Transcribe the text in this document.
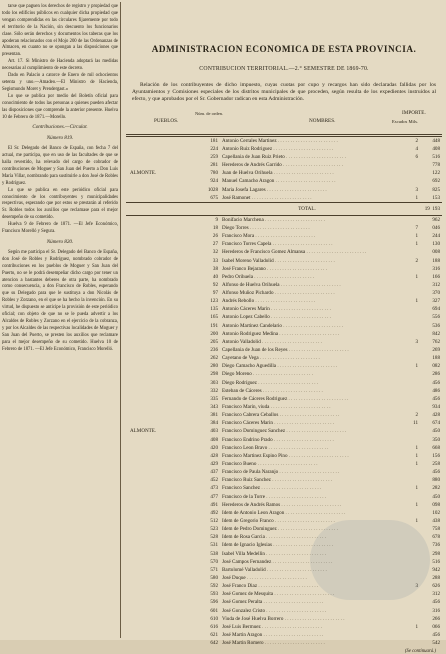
tarse que paguen los derechos de registro y propiedad que todo los edificios públicos en cualquier dicha propiedad que vengan comprendidas en las circulares fijaremente por todo el territorio de la Nación, sin descuento los funcionarios clase. Sólo serán derechos y documentos los taberas que los apoderan relacionados con el Mojo 200 de las Ordenanzas de Almacen, en cuanto no se opongan a las disposiciones que presentan.

Art. 17. Si Ministro de Hacienda adoptará las medidas necesarias al cumplimiento de este decreto.

Dado en Palacio a catorce de Enero de mil ochocientos setenta y uno.—Amadeo.—El Ministro de Hacienda, Segismundo Moret y Prendergast.»

Lo que se publica por medio del Boletín oficial para conocimiento de todos las personas a quienes pueden afectar las disposiciones que comprende la anterior presente. Huelva 10 de Febrero de 1871.—Morello.

Contribuciones.—Circular.

Número 819.

El Sr. Delegado del Banco de España, con fecha 7 del actual, me participa, que en uso de las facultades de que se halla revestido, ha relevado del cargo de cobrador de contribuciones de Moguer y San Juan del Puerto a Don Luis María Villar, nombrando para sustituirle a don José de Robles y Rodríguez.

Lo que se publica en este periódico oficial para conocimiento de los contribuyentes y municipalidades respectivas, esperando que por estos se prestarán al referido Sr. Robles todos los auxilios que reclamase para el mejor desempeño de su cometido.

Huelva 9 de Febrero de 1871. —El Jefe Económico, Francisco Morelló y Segura.

Número 820.

Según me participa el Sr. Delegado del Banco de España, don José de Robles y Rodríguez, nombrado cobrador de contribuciones en los pueblos de Moguer y San Juan del Puerto, no se le podrá desempeñar dicho cargo por tener un atencion a bastantes deberes de otra parte, ha nombrado como consecuencia, a don Francisco de Robles, esperando que su Delegado para que le sustituya a don Nicolás de Robles y Zorzano, en el que se ha hecho la invención. En su virtud, he dispuesto se anticipe la provisión de este periódico oficial; con objeto de que no se le pueda advertir a los Alcaldes de Robles y Zorzano en el ejercicio de la cobranza, y por los Alcaldes de las respectivas localidades de Moguer y San Juan del Puerto, se presten los auxilios que reclamare para el mejor desempeño de su cometido. Huelva 10 de Febrero de 1871. —El Jefe Económico, Francisco Morelló.

ADMINISTRACION ECONOMICA DE ESTA PROVINCIA.
CONTRIBUCION TERRITORIAL.—2.° SEMESTRE DE 1869-70.
Relación de los contribuyentes de dicho impuesto, cuyas cuotas por cupo y recargos han sido declaradas fallidas por los Ayuntamientos y Comisiones especiales de los distritos municipales de que proceden, según resulta de los expedientes instruidos al efecto, y que aprobados por el Sr. Gobernador radican en esta Administración.
PUEBLOS.
Núm. de orden.
NOMBRES.
IMPORTE.
Escudos Mils.
	181	Antonio Cerrales Martinez . . . . . . . . . . . . . . . . . . . . . . . .	2 448
	224	Antonio Ruiz Rodriguez . . . . . . . . . . . . . . . . . . . . . . . .	4 408
	259	Capellania de Juan Ruiz Prieto . . . . . . . . . . . . . . . . . . . . . . . .	6 516
	281	Herederos de Andrés Garrido . . . . . . . . . . . . . . . . . . . . . . . .	778
ALMONTE.	780	Juan de Huelva Orihuela . . . . . . . . . . . . . . . . . . . . . . . .	122
	924	Manuel Camacho Aragon . . . . . . . . . . . . . . . . . . . . . . . .	692
	1028	Maria Josefa Lagares . . . . . . . . . . . . . . . . . . . . . . . .	3 825
	675	José Ramonet . . . . . . . . . . . . . . . . . . . . . . . .	1 153
		TOTAL.	19 193
	9	Bonifacio Marchena . . . . . . . . . . . . . . . . . . . . . . . .	962
	18	Diego Torres . . . . . . . . . . . . . . . . . . . . . . . .	7 046
	26	Francisco Mora . . . . . . . . . . . . . . . . . . . . . . . .	1 244
	27	Francisco Torres Capela . . . . . . . . . . . . . . . . . . . . . . . .	1 130
	32	Herederos de Francisco Gomez Almansa . . . . . . . . . . . . . . . . . . . . . . . .	008
	33	Isabel Moreno Valladolid . . . . . . . . . . . . . . . . . . . . . . . .	2 188
	38	José Franco Bejarano . . . . . . . . . . . . . . . . . . . . . . . .	316
	40	Pedro Orihuela . . . . . . . . . . . . . . . . . . . . . . . .	1 166
	92	Alfonso de Huelva Orihuela . . . . . . . . . . . . . . . . . . . . . . . .	312
	97	Alfonso Muñoz Pichardo . . . . . . . . . . . . . . . . . . . . . . . .	370
	123	Andrés Rebollo . . . . . . . . . . . . . . . . . . . . . . . .	1 327
	135	Antonio Cáceres Marin . . . . . . . . . . . . . . . . . . . . . . . .	694
	165	Antonio Lopez Cabello . . . . . . . . . . . . . . . . . . . . . . . .	556
	191	Antonio Martinez Candelario . . . . . . . . . . . . . . . . . . . . . . . .	536
	200	Antonio Rodriguez Medina . . . . . . . . . . . . . . . . . . . . . . . .	842
	205	Antonio Valladolid . . . . . . . . . . . . . . . . . . . . . . . .	3 762
	236	Capellania de Juan de los Reyes . . . . . . . . . . . . . . . . . . . . . . . .	269
	262	Cayetano de Vega . . . . . . . . . . . . . . . . . . . . . . . .	188
	280	Diego Camacho Aguedilla . . . . . . . . . . . . . . . . . . . . . . . .	1 082
	298	Diego Moreno . . . . . . . . . . . . . . . . . . . . . . . .	286
	303	Diego Rodríguez . . . . . . . . . . . . . . . . . . . . . . . .	456
	332	Esteban de Cáceres . . . . . . . . . . . . . . . . . . . . . . . .	486
	335	Fernando de Cáceres Rodriguez . . . . . . . . . . . . . . . . . . . . . . . .	456
	343	Francisco Marin, viuda . . . . . . . . . . . . . . . . . . . . . . . .	934
	381	Francisco Cabrera Ceballos . . . . . . . . . . . . . . . . . . . . . . . .	2 428
	384	Francisco Cáceres Marin . . . . . . . . . . . . . . . . . . . . . . . .	11 674
ALMONTE.	403	Francisco Dominguez Sanchez . . . . . . . . . . . . . . . . . . . . . . . .	450
	408	Francisco Endrino Prado . . . . . . . . . . . . . . . . . . . . . . . .	350
	420	Francisco Leon Bravo . . . . . . . . . . . . . . . . . . . . . . . .	1 668
	428	Francisco Martinez Espino Pino . . . . . . . . . . . . . . . . . . . . . . . .	1 156
	429	Francisco Bueno . . . . . . . . . . . . . . . . . . . . . . . .	1 258
	437	Francisco de Paula Naranjo . . . . . . . . . . . . . . . . . . . . . . . .	456
	452	Francisco Ruiz Sanchez . . . . . . . . . . . . . . . . . . . . . . . .	880
	473	Francisco Sanchez . . . . . . . . . . . . . . . . . . . . . . . .	1 282
	477	Francisco de la Torre . . . . . . . . . . . . . . . . . . . . . . . .	450
	491	Herederos de Andrés Ramos . . . . . . . . . . . . . . . . . . . . . . . .	1 098
	492	Idem de Antonio Leon Aragon . . . . . . . . . . . . . . . . . . . . . . . .	102
	512	Idem de Gregorio Franco . . . . . . . . . . . . . . . . . . . . . . . .	1 438
	523	Idem de Pedro Dominguez . . . . . . . . . . . . . . . . . . . . . . . .	758
	528	Idem de Rosa Garcia . . . . . . . . . . . . . . . . . . . . . . . .	678
	531	Idem de Ignacio Iglesias . . . . . . . . . . . . . . . . . . . . . . . .	736
	538	Isabel Villa Medellin . . . . . . . . . . . . . . . . . . . . . . . .	298
	570	José Campos Fernandez . . . . . . . . . . . . . . . . . . . . . . . .	516
	571	Bartolomé Valladolid . . . . . . . . . . . . . . . . . . . . . . . .	942
	580	José Duque . . . . . . . . . . . . . . . . . . . . . . . .	288
	592	José Franco Diaz . . . . . . . . . . . . . . . . . . . . . . . .	3 626
	593	José Gomez de Mesquita . . . . . . . . . . . . . . . . . . . . . . . .	312
	596	José Gomez Peralta . . . . . . . . . . . . . . . . . . . . . . . .	456
	601	José Gonzalez Cristo . . . . . . . . . . . . . . . . . . . . . . . .	316
	610	Viuda de José Huelva Borrero . . . . . . . . . . . . . . . . . . . . . . . .	266
	616	José Luis Bermuez . . . . . . . . . . . . . . . . . . . . . . . .	1 066
	621	José Martin Aragon . . . . . . . . . . . . . . . . . . . . . . . .	456
	642	José Martin Romero . . . . . . . . . . . . . . . . . . . . . . . .	542
(Se continuará.)
